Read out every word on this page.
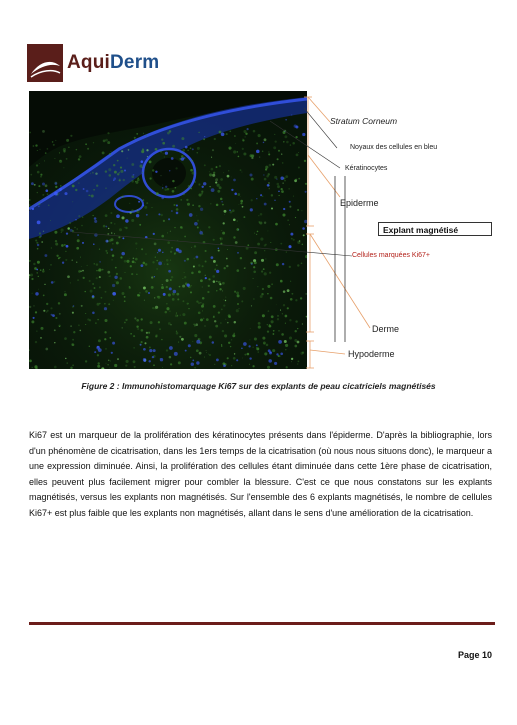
AquiDerm
Stratum Corneum
Noyaux des cellules en bleu
Kératinocytes
Epiderme
Explant magnétisé
Cellules marquées Ki67+
Derme
Hypoderme
Figure 2 : Immunohistomarquage Ki67 sur des explants de peau cicatriciels magnétisés

Ki67 est un marqueur de la prolifération des kératinocytes présents dans l'épiderme. D'après la bibliographie, lors d'un phénomène de cicatrisation, dans les 1ers temps de la cicatrisation (où nous nous situons donc), le marqueur a une expression diminuée. Ainsi, la prolifération des cellules étant diminuée dans cette 1ère phase de cicatrisation, elles peuvent plus facilement migrer pour combler la blessure. C'est ce que nous constatons sur les explants magnétisés, versus les explants non magnétisés. Sur l'ensemble des 6 explants magnétisés, le nombre de cellules Ki67+ est plus faible que les explants non magnétisés, allant dans le sens d'une amélioration de la cicatrisation.

Page 10
